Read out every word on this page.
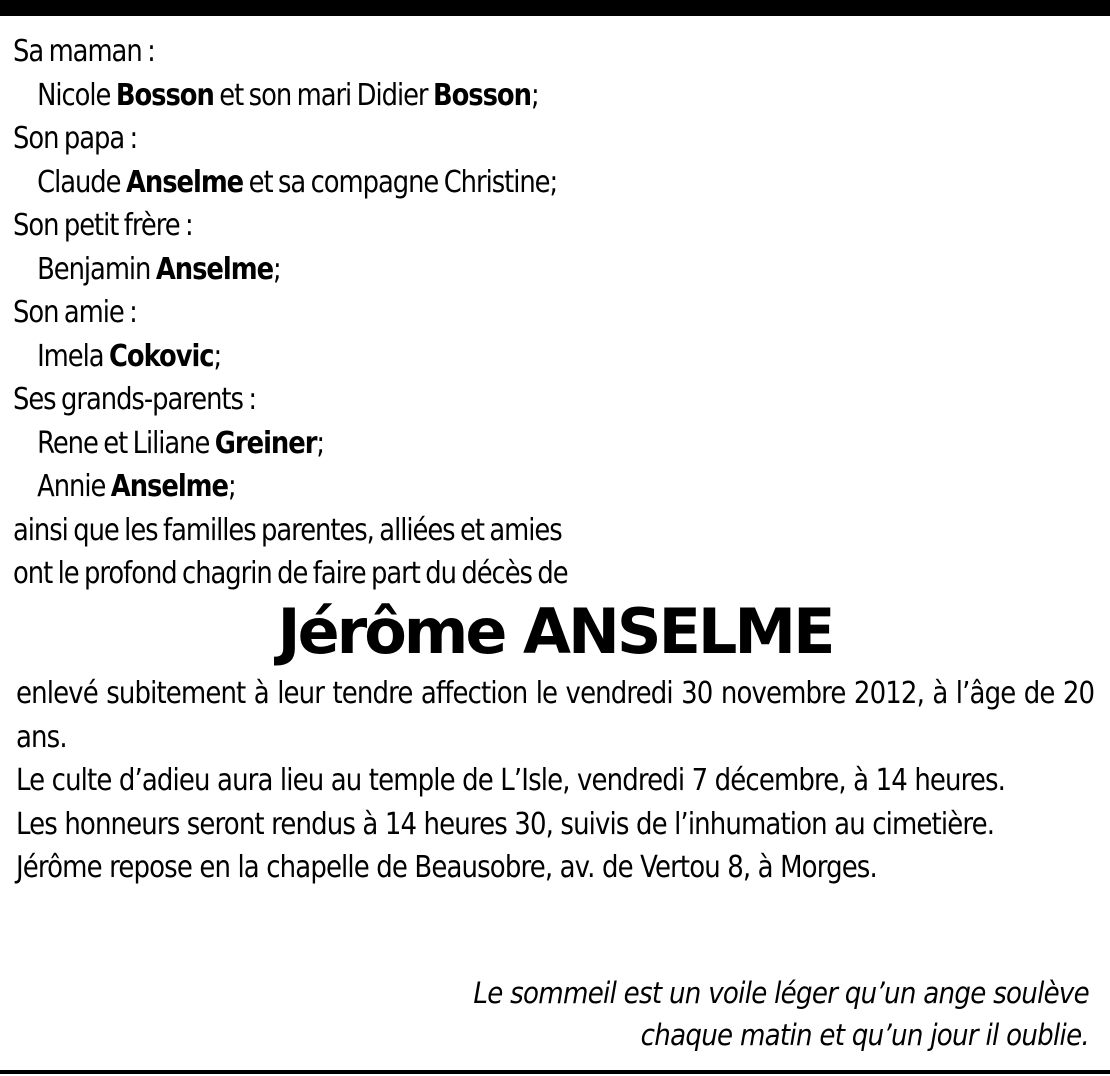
Sa maman :
Nicole Bosson et son mari Didier Bosson;
Son papa :
Claude Anselme et sa compagne Christine;
Son petit frère :
Benjamin Anselme;
Son amie :
Imela Cokovic;
Ses grands-parents :
Rene et Liliane Greiner;
Annie Anselme;
ainsi que les familles parentes, alliées et amies
ont le profond chagrin de faire part du décès de
Jérôme ANSELME

enlevé subitement à leur tendre affection le vendredi 30 novembre 2012, à l’âge de 20 ans.

Le culte d’adieu aura lieu au temple de L’Isle, vendredi 7 décembre, à 14 heures.

Les honneurs seront rendus à 14 heures 30, suivis de l’inhumation au cimetière.

Jérôme repose en la chapelle de Beausobre, av. de Vertou 8, à Morges.

Le sommeil est un voile léger qu’un ange soulève
chaque matin et qu’un jour il oublie.
